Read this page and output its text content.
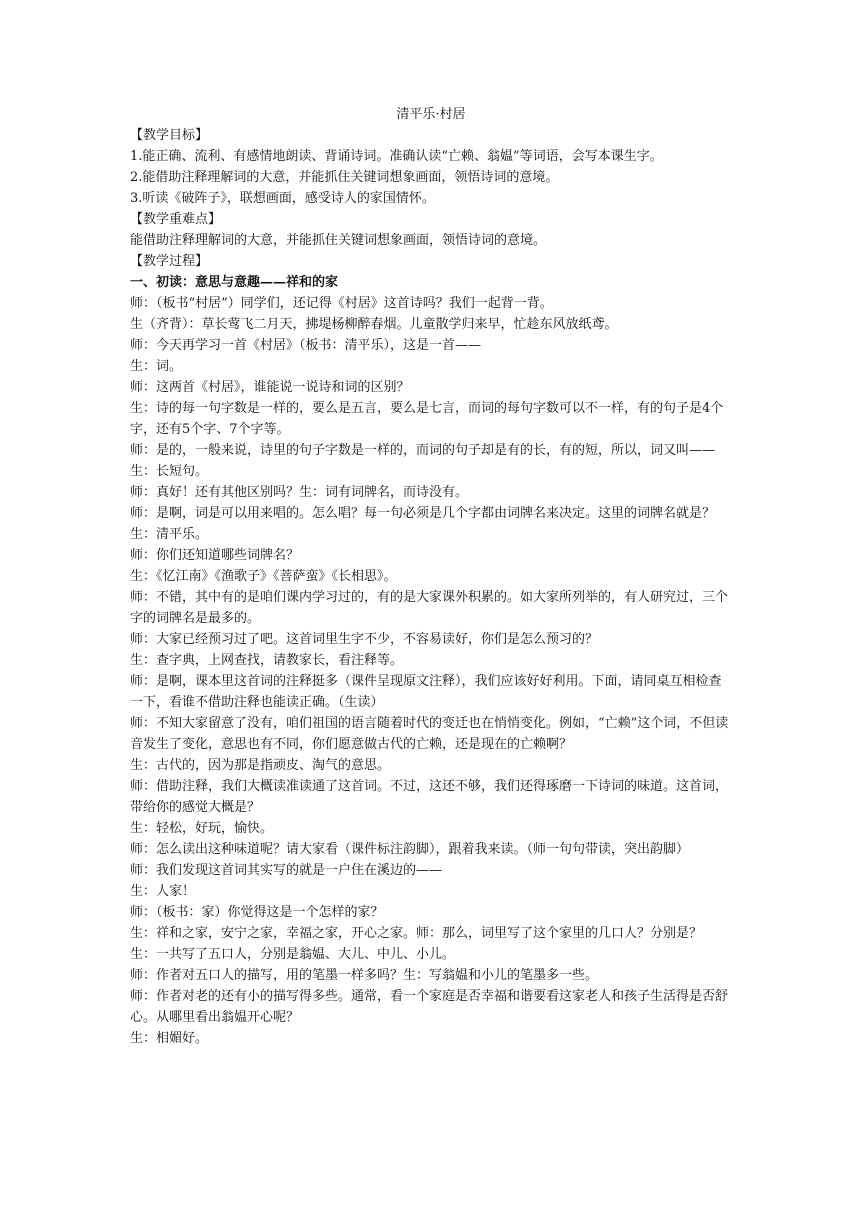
清平乐·村居

【教学目标】

1.能正确、流利、有感情地朗读、背诵诗词。准确认读“亡赖、翁媪”等词语，会写本课生字。

2.能借助注释理解词的大意，并能抓住关键词想象画面，领悟诗词的意境。

3.听读《破阵子》，联想画面，感受诗人的家国情怀。

【教学重难点】

能借助注释理解词的大意，并能抓住关键词想象画面，领悟诗词的意境。

【教学过程】

一、初读：意思与意趣——祥和的家

师：（板书“村居”）同学们，还记得《村居》这首诗吗？我们一起背一背。

生（齐背）：草长莺飞二月天，拂堤杨柳醉春烟。儿童散学归来早，忙趁东风放纸鸢。

师：今天再学习一首《村居》（板书：清平乐），这是一首——

生：词。

师：这两首《村居》，谁能说一说诗和词的区别？

生：诗的每一句字数是一样的，要么是五言，要么是七言，而词的每句字数可以不一样，有的句子是4个字，还有5个字、7个字等。

师：是的，一般来说，诗里的句子字数是一样的，而词的句子却是有的长，有的短，所以，词又叫——

生：长短句。

师：真好！还有其他区别吗？生：词有词牌名，而诗没有。

师：是啊，词是可以用来唱的。怎么唱？每一句必须是几个字都由词牌名来决定。这里的词牌名就是？

生：清平乐。

师：你们还知道哪些词牌名？

生：《忆江南》《渔歌子》《菩萨蛮》《长相思》。

师：不错，其中有的是咱们课内学习过的，有的是大家课外积累的。如大家所列举的，有人研究过，三个字的词牌名是最多的。

师：大家已经预习过了吧。这首词里生字不少，不容易读好，你们是怎么预习的？

生：查字典，上网查找，请教家长，看注释等。

师：是啊，课本里这首词的注释挺多（课件呈现原文注释），我们应该好好利用。下面，请同桌互相检查一下，看谁不借助注释也能读正确。（生读）

师：不知大家留意了没有，咱们祖国的语言随着时代的变迁也在悄悄变化。例如，“亡赖”这个词，不但读音发生了变化，意思也有不同，你们愿意做古代的亡赖，还是现在的亡赖啊？

生：古代的，因为那是指顽皮、淘气的意思。

师：借助注释，我们大概读准读通了这首词。不过，这还不够，我们还得琢磨一下诗词的味道。这首词，带给你的感觉大概是？

生：轻松，好玩，愉快。

师：怎么读出这种味道呢？请大家看（课件标注韵脚），跟着我来读。（师一句句带读，突出韵脚）

师：我们发现这首词其实写的就是一户住在溪边的——

生：人家！

师：（板书：家）你觉得这是一个怎样的家？

生：祥和之家，安宁之家，幸福之家，开心之家。师：那么，词里写了这个家里的几口人？分别是？

生：一共写了五口人，分别是翁媪、大儿、中儿、小儿。

师：作者对五口人的描写，用的笔墨一样多吗？生：写翁媪和小儿的笔墨多一些。

师：作者对老的还有小的描写得多些。通常，看一个家庭是否幸福和谐要看这家老人和孩子生活得是否舒心。从哪里看出翁媪开心呢？

生：相媚好。
